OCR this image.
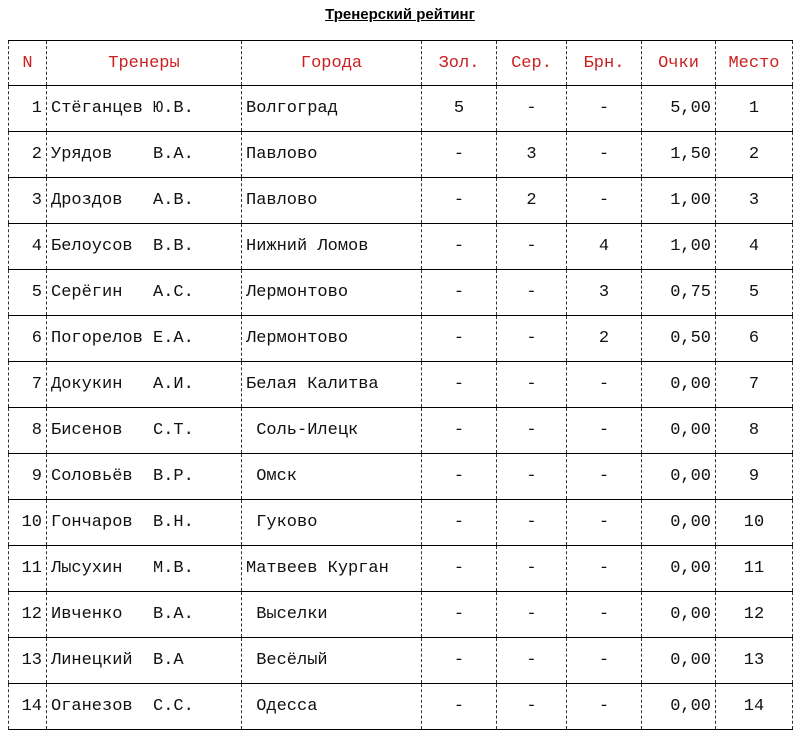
Тренерский рейтинг
N	Тренеры	Города	Зол.	Сер.	Брн.	Очки	Место
1	Стёганцев Ю.В.	Волгоград	5	-	-	5,00	1
2	Урядов    В.А.	Павлово	-	3	-	1,50	2
3	Дроздов   А.В.	Павлово	-	2	-	1,00	3
4	Белоусов  В.В.	Нижний Ломов	-	-	4	1,00	4
5	Серёгин   А.С.	Лермонтово	-	-	3	0,75	5
6	Погорелов Е.А.	Лермонтово	-	-	2	0,50	6
7	Докукин   А.И.	Белая Калитва	-	-	-	0,00	7
8	Бисенов   С.Т.	Соль-Илецк	-	-	-	0,00	8
9	Соловьёв  В.Р.	Омск	-	-	-	0,00	9
10	Гончаров  В.Н.	Гуково	-	-	-	0,00	10
11	Лысухин   М.В.	Матвеев Курган	-	-	-	0,00	11
12	Ивченко   В.А.	Выселки	-	-	-	0,00	12
13	Линецкий  В.А	Весёлый	-	-	-	0,00	13
14	Оганезов  С.С.	Одесса	-	-	-	0,00	14
